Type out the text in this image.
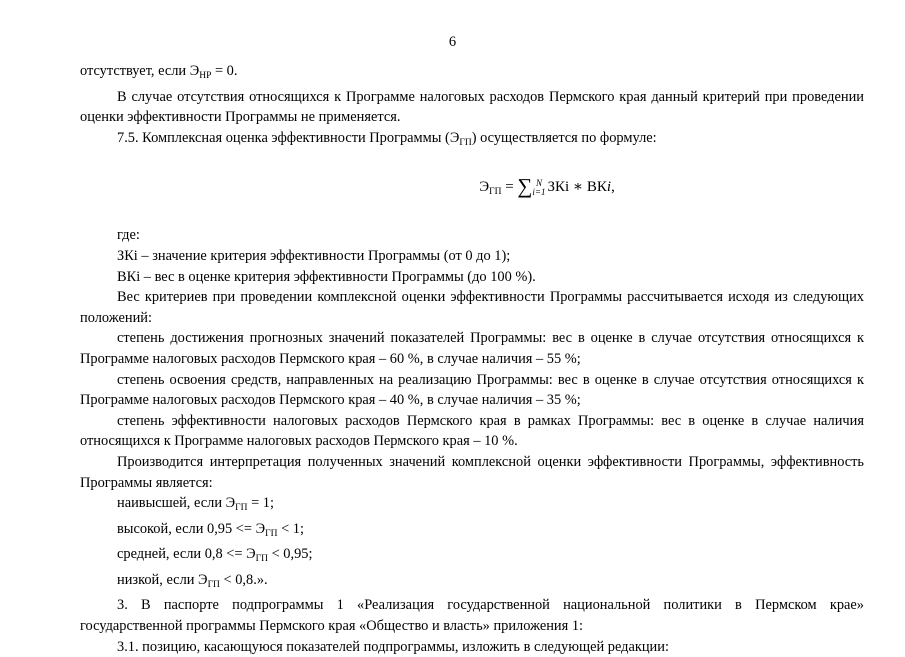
6

отсутствует, если $Э_{НР} = 0$.

В случае отсутствия относящихся к Программе налоговых расходов Пермского края данный критерий при проведении оценки эффективности Программы не применяется.

7.5. Комплексная оценка эффективности Программы $(Э_{ГП})$ осуществляется по формуле:

$Э_{ГП}$ = ∑ N
i=1 ЗКi ∗ ВКi,

где:

ЗКi – значение критерия эффективности Программы (от 0 до 1);

ВКi – вес в оценке критерия эффективности Программы (до 100 %).

Вес критериев при проведении комплексной оценки эффективности Программы рассчитывается исходя из следующих положений:

степень достижения прогнозных значений показателей Программы: вес в оценке в случае отсутствия относящихся к Программе налоговых расходов Пермского края – 60 %, в случае наличия – 55 %;

степень освоения средств, направленных на реализацию Программы: вес в оценке в случае отсутствия относящихся к Программе налоговых расходов Пермского края – 40 %, в случае наличия – 35 %;

степень эффективности налоговых расходов Пермского края в рамках Программы: вес в оценке в случае наличия относящихся к Программе налоговых расходов Пермского края – 10 %.

Производится интерпретация полученных значений комплексной оценки эффективности Программы, эффективность Программы является:

наивысшей, если $Э_{ГП} = 1$;

высокой, если $0,95 <= Э_{ГП} < 1$;

средней, если $0,8 <= Э_{ГП} < 0,95$;

низкой, если $Э_{ГП} < 0,8$.».

3. В паспорте подпрограммы 1 «Реализация государственной национальной политики в Пермском крае» государственной программы Пермского края «Общество и власть» приложения 1:

3.1. позицию, касающуюся показателей подпрограммы, изложить в следующей редакции:
